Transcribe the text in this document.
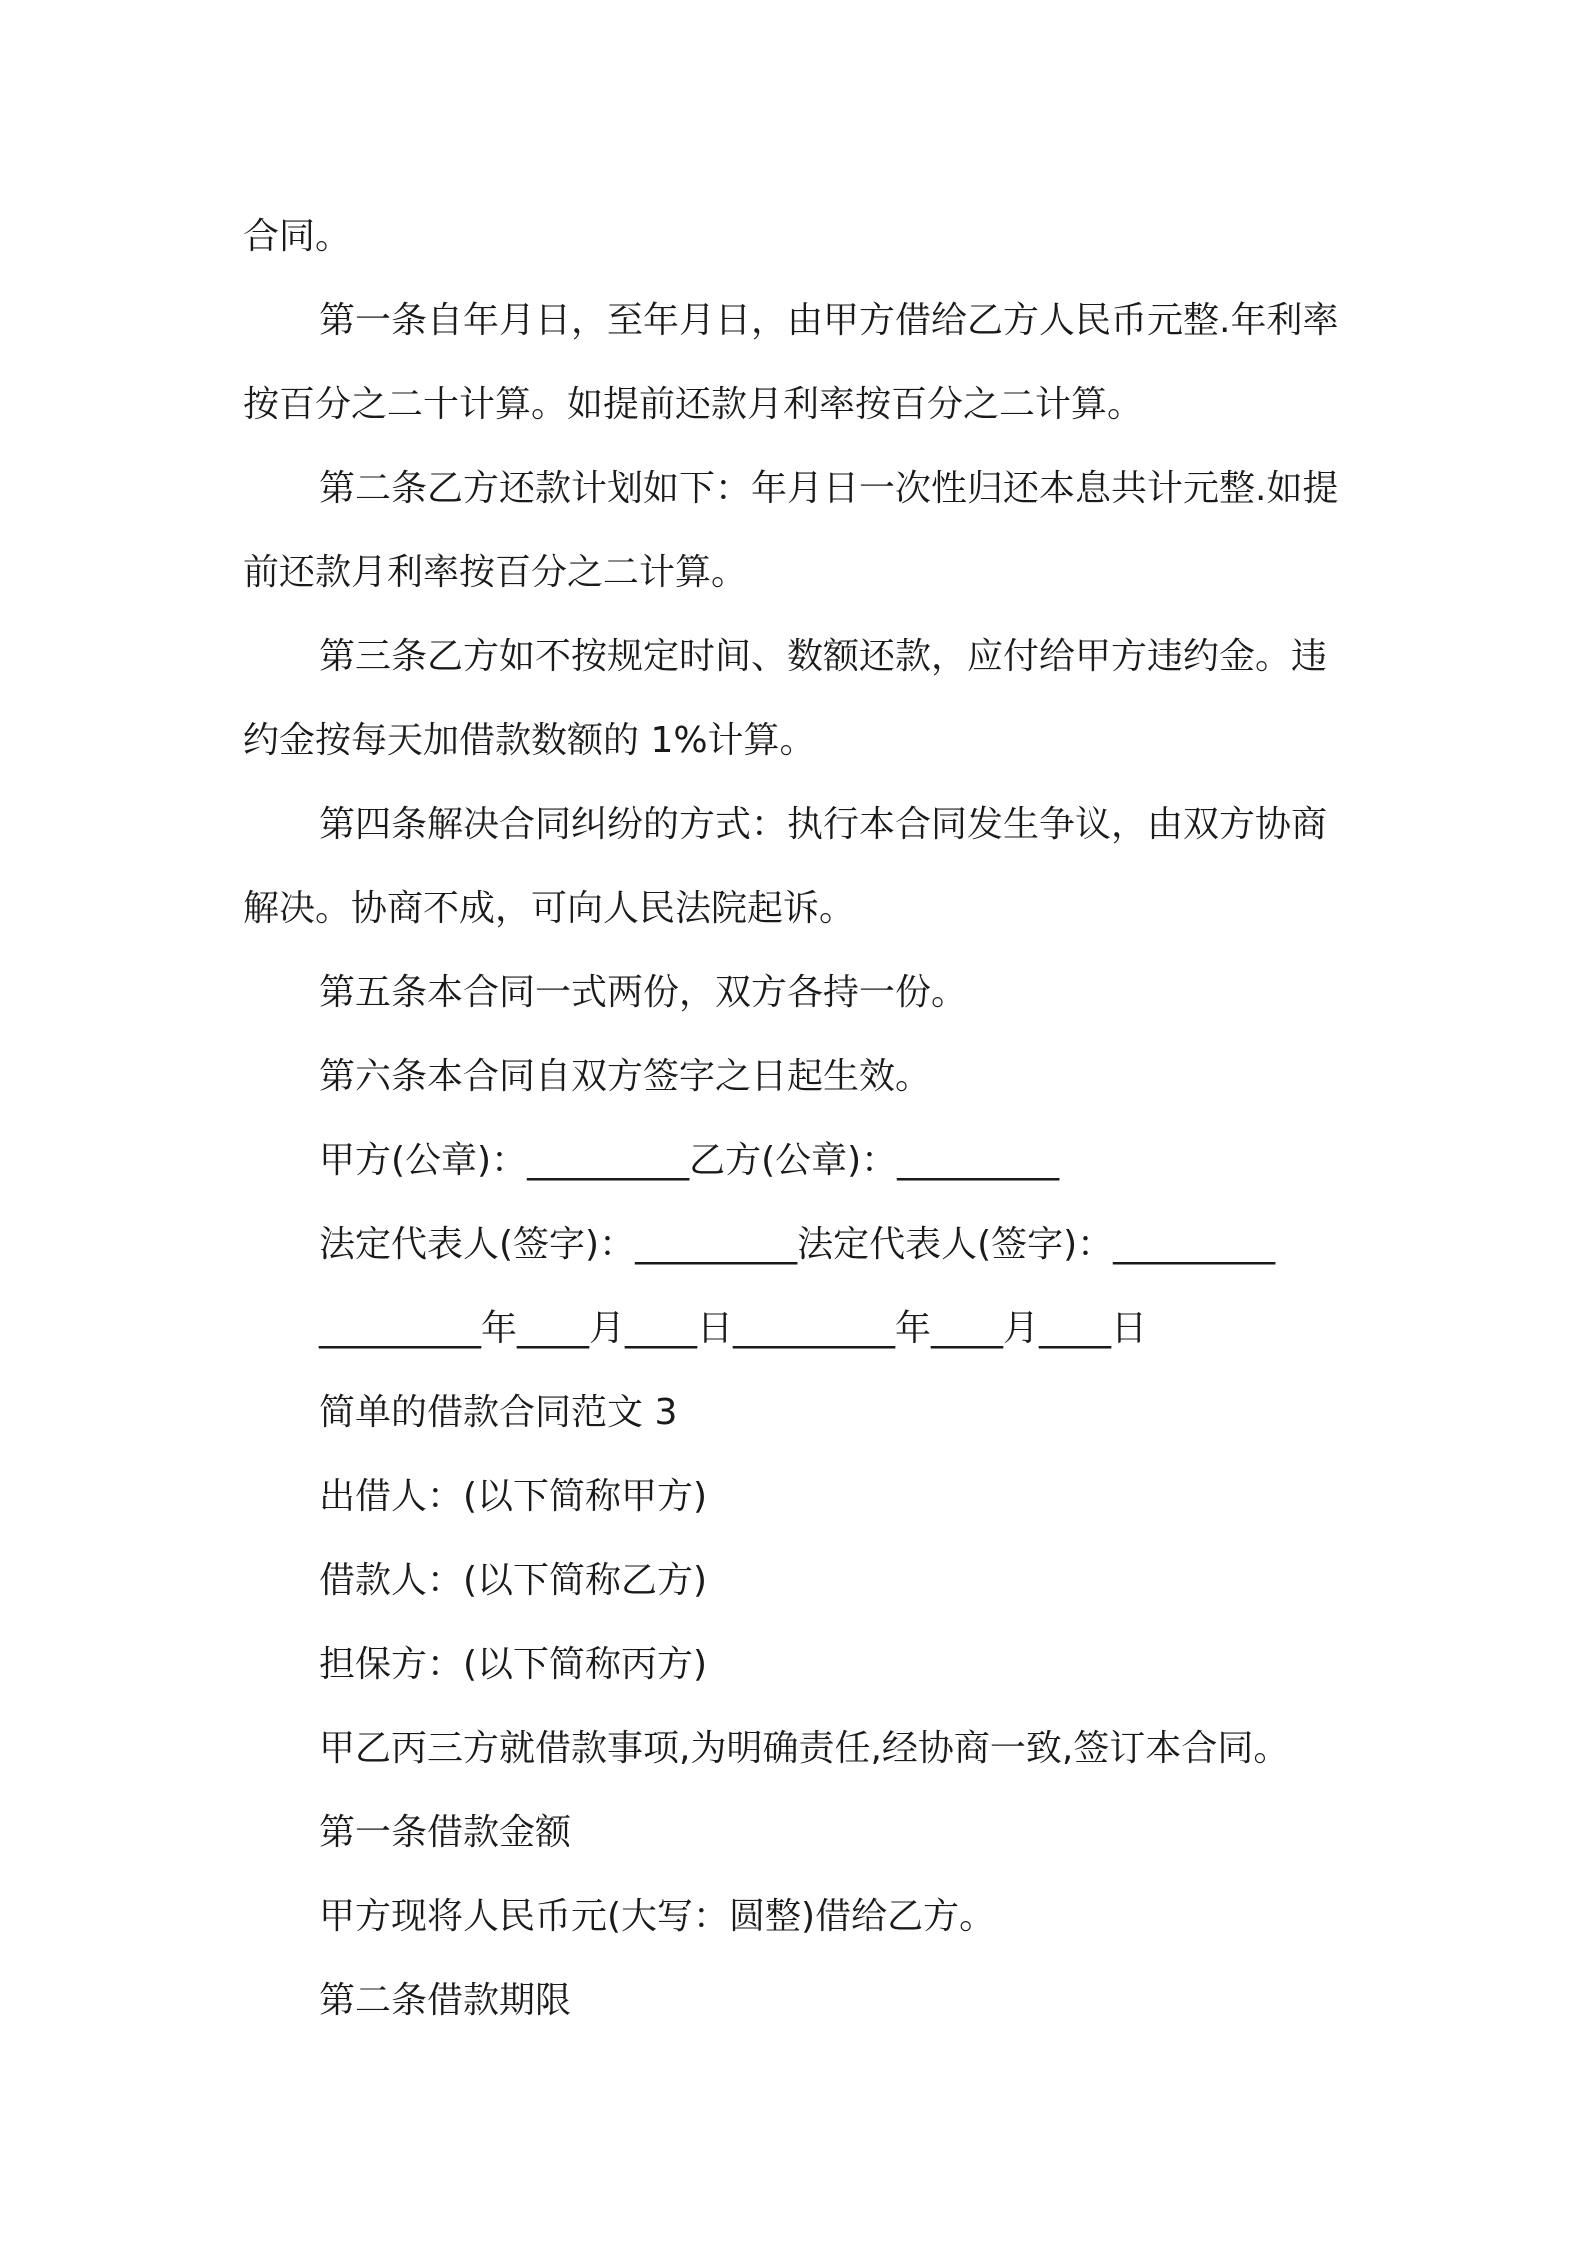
合同。

第一条自年月日，至年月日，由甲方借给乙方人民币元整.年利率按百分之二十计算。如提前还款月利率按百分之二计算。

第二条乙方还款计划如下：年月日一次性归还本息共计元整.如提前还款月利率按百分之二计算。

第三条乙方如不按规定时间、数额还款，应付给甲方违约金。违约金按每天加借款数额的 1%计算。

第四条解决合同纠纷的方式：执行本合同发生争议，由双方协商解决。协商不成，可向人民法院起诉。

第五条本合同一式两份，双方各持一份。

第六条本合同自双方签字之日起生效。

甲方(公章)：_________乙方(公章)：_________

法定代表人(签字)：_________法定代表人(签字)：_________

_________年____月____日_________年____月____日

简单的借款合同范文 3

出借人：(以下简称甲方)

借款人：(以下简称乙方)

担保方：(以下简称丙方)

甲乙丙三方就借款事项,为明确责任,经协商一致,签订本合同。

第一条借款金额

甲方现将人民币元(大写：圆整)借给乙方。

第二条借款期限
